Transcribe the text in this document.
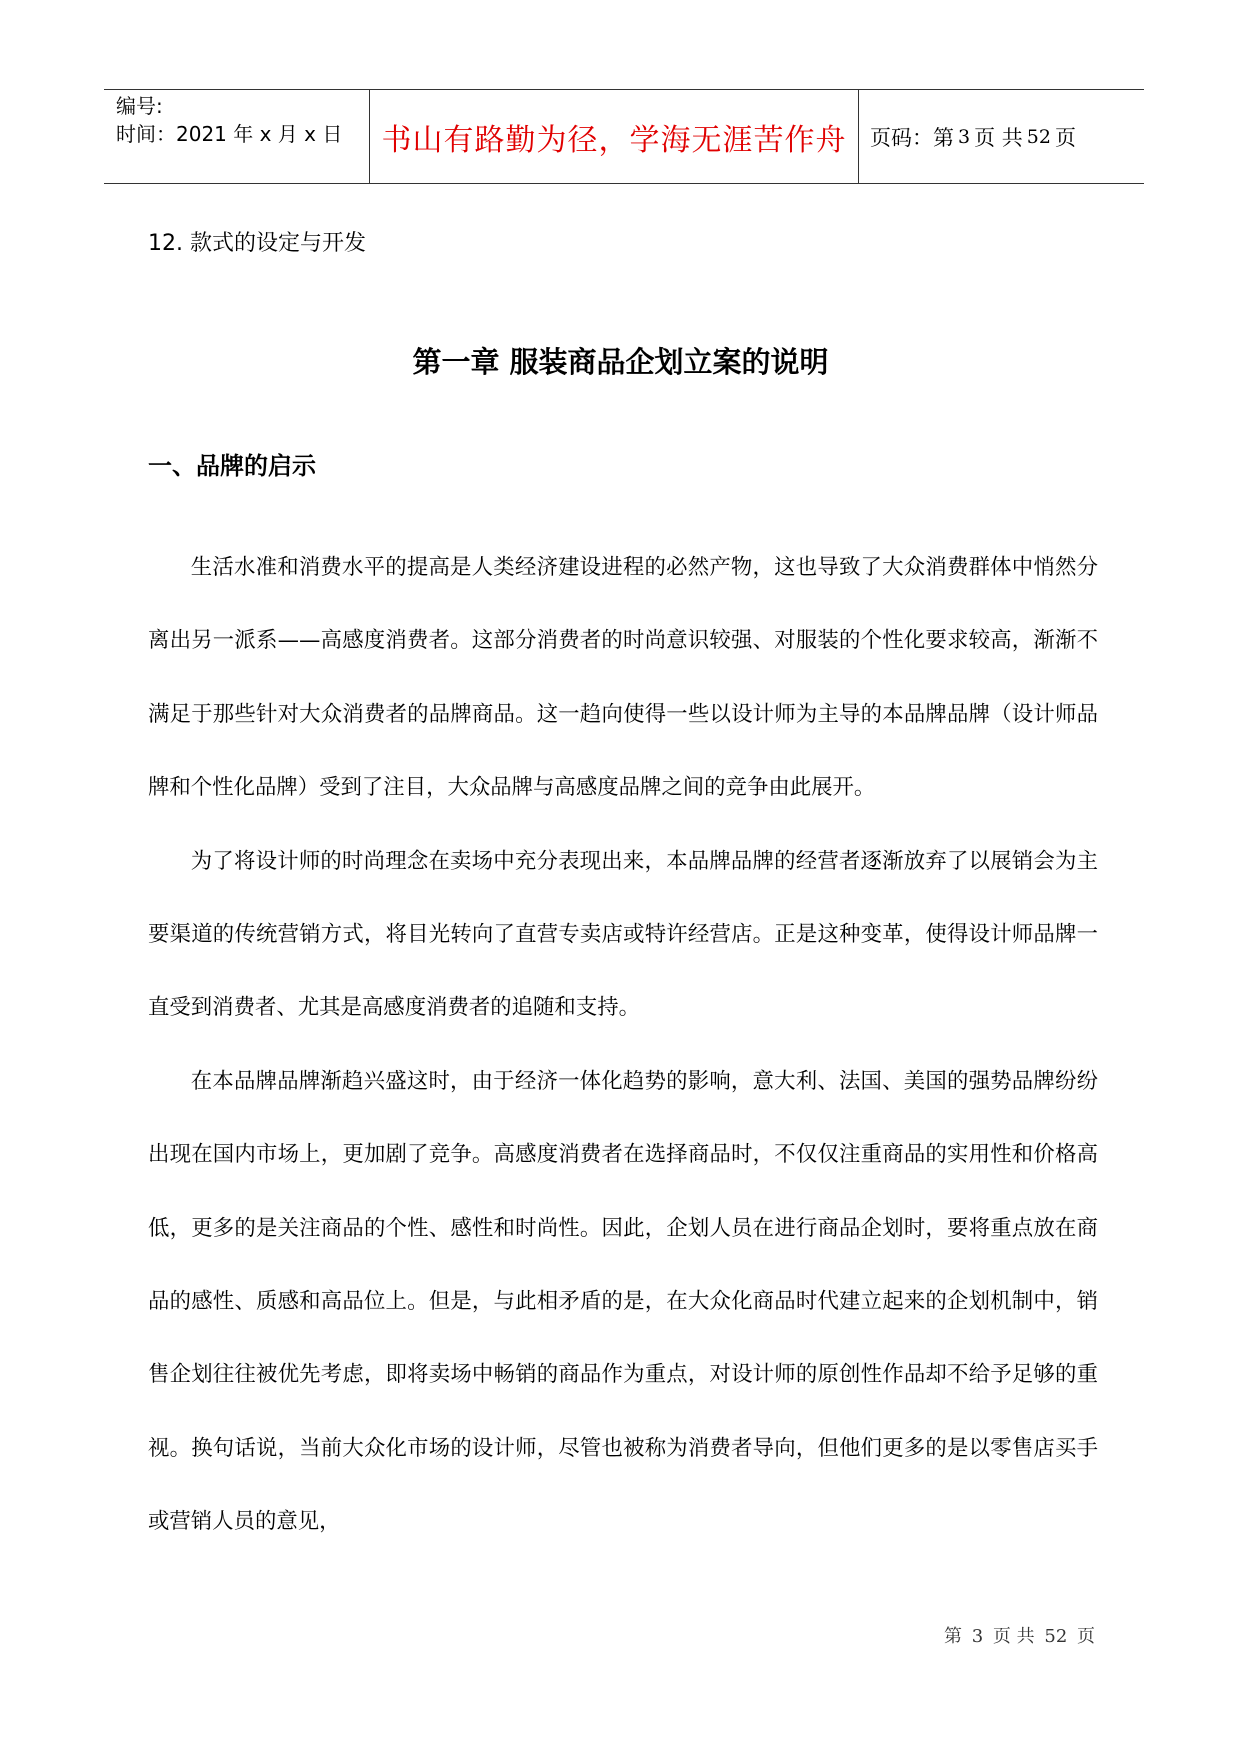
编号:
时间：2021 年 x 月 x 日	书山有路勤为径，学海无涯苦作舟	页码：第 3 页 共 52 页
12. 款式的设定与开发
第一章 服装商品企划立案的说明
一、品牌的启示

生活水准和消费水平的提高是人类经济建设进程的必然产物，这也导致了大众消费群体中悄然分离出另一派系——高感度消费者。这部分消费者的时尚意识较强、对服装的个性化要求较高，渐渐不满足于那些针对大众消费者的品牌商品。这一趋向使得一些以设计师为主导的本品牌品牌（设计师品牌和个性化品牌）受到了注目，大众品牌与高感度品牌之间的竞争由此展开。

为了将设计师的时尚理念在卖场中充分表现出来，本品牌品牌的经营者逐渐放弃了以展销会为主要渠道的传统营销方式，将目光转向了直营专卖店或特许经营店。正是这种变革，使得设计师品牌一直受到消费者、尤其是高感度消费者的追随和支持。

在本品牌品牌渐趋兴盛这时，由于经济一体化趋势的影响，意大利、法国、美国的强势品牌纷纷出现在国内市场上，更加剧了竞争。高感度消费者在选择商品时，不仅仅注重商品的实用性和价格高低，更多的是关注商品的个性、感性和时尚性。因此，企划人员在进行商品企划时，要将重点放在商品的感性、质感和高品位上。但是，与此相矛盾的是，在大众化商品时代建立起来的企划机制中，销售企划往往被优先考虑，即将卖场中畅销的商品作为重点，对设计师的原创性作品却不给予足够的重视。换句话说，当前大众化市场的设计师，尽管也被称为消费者导向，但他们更多的是以零售店买手或营销人员的意见，

第 3 页 共 52 页
